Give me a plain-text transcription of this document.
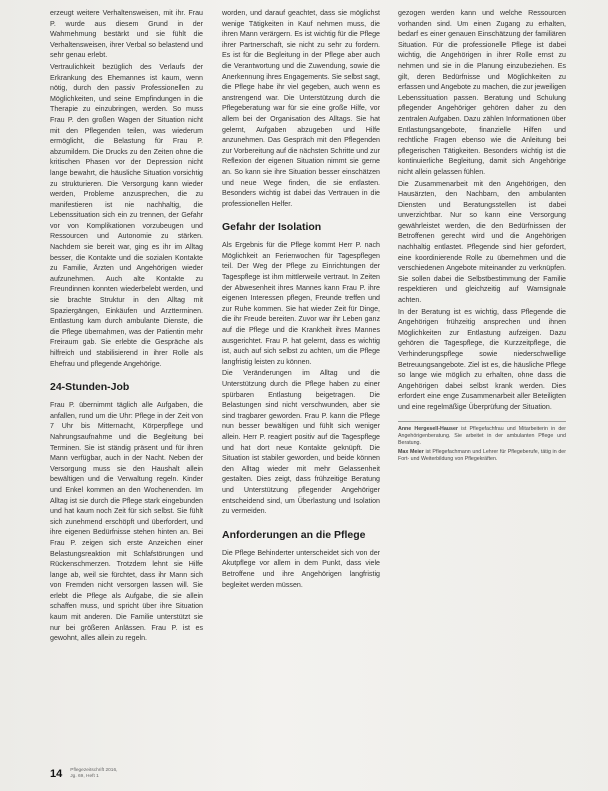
erzeugt weitere Verhaltensweisen, mit ihr. Frau P. wurde aus diesem Grund in der Wahrnehmung bestärkt und sie fühlt die Verhaltensweisen, ihrer Verbal so belastend und sehr genau erlebt.

Vertraulichkeit bezüglich des Verlaufs der Erkrankung des Ehemannes ist kaum, wenn nötig, durch den passiv Professionellen zu Möglichkeiten, und seine Empfindungen in die Therapie zu einzubringen, werden. So muss Frau P. den großen Wagen der Situation nicht mit den Pflegenden teilen, was wiederum ermöglicht, die Belastung für Frau P. abzumildern. Die Drucks zu den Zeiten ohne die kritischen Phasen vor der Depression nicht lange bewahrt, die häusliche Situation vorsichtig zu strukturieren. Die Versorgung kann wieder werden, Probleme anzusprechen, die zu manifestieren ist nie nachhaltig, die Lebenssituation sich ein zu trennen, der Gefahr vor von Komplikationen vorzubeugen und Ressourcen und Autonomie zu stärken. Nachdem sie bereit war, ging es ihr im Alltag besser, die Kontakte und die sozialen Kontakte zu Familie, Ärzten und Angehörigen wieder aufzunehmen. Auch alte Kontakte zu Freundinnen konnten wiederbelebt werden, und sie brachte Struktur in den Alltag mit Spaziergängen, Einkäufen und Arztterminen. Entlastung kam durch ambulante Dienste, die die Pflege übernahmen, was der Patientin mehr Freiraum gab. Sie erlebte die Gespräche als hilfreich und stabilisierend in ihrer Rolle als Ehefrau und pflegende Angehörige.

24-Stunden-Job

Frau P. übernimmt täglich alle Aufgaben, die anfallen, rund um die Uhr: Pflege in der Zeit von 7 Uhr bis Mitternacht, Körperpflege und Nahrungsaufnahme und die Begleitung bei Terminen. Sie ist ständig präsent und für ihren Mann verfügbar, auch in der Nacht. Neben der Versorgung muss sie den Haushalt allein bewältigen und die Verwaltung regeln. Kinder und Enkel kommen an den Wochenenden. Im Alltag ist sie durch die Pflege stark eingebunden und hat kaum noch Zeit für sich selbst. Sie fühlt sich zunehmend erschöpft und überfordert, und ihre eigenen Bedürfnisse stehen hinten an. Bei Frau P. zeigen sich erste Anzeichen einer Belastungsreaktion mit Schlafstörungen und Rückenschmerzen. Trotzdem lehnt sie Hilfe lange ab, weil sie fürchtet, dass ihr Mann sich von Fremden nicht versorgen lassen will. Sie erlebt die Pflege als Aufgabe, die sie allein schaffen muss, und spricht über ihre Situation kaum mit anderen. Die Familie unterstützt sie nur bei größeren Anlässen. Frau P. ist es gewohnt, alles allein zu regeln.

worden, und darauf geachtet, dass sie möglichst wenige Tätigkeiten in Kauf nehmen muss, die ihren Mann verärgern. Es ist wichtig für die Pflege ihrer Partnerschaft, sie nicht zu sehr zu fordern. Es ist für die Begleitung in der Pflege aber auch die Verantwortung und die Zuwendung, sowie die Anerkennung ihres Engagements. Sie selbst sagt, die Pflege habe ihr viel gegeben, auch wenn es anstrengend war. Die Unterstützung durch die Pflegeberatung war für sie eine große Hilfe, vor allem bei der Organisation des Alltags. Sie hat gelernt, Aufgaben abzugeben und Hilfe anzunehmen. Das Gespräch mit den Pflegenden zur Vorbereitung auf die nächsten Schritte und zur Reflexion der eigenen Situation nimmt sie gerne an. So kann sie ihre Situation besser einschätzen und neue Wege finden, die sie entlasten. Besonders wichtig ist dabei das Vertrauen in die professionellen Helfer.

Gefahr der Isolation

Als Ergebnis für die Pflege kommt Herr P. nach Möglichkeit an Ferienwochen für Tagespflegen teil. Der Weg der Pflege zu Einrichtungen der Tagespflege ist ihm mittlerweile vertraut. In Zeiten der Abwesenheit ihres Mannes kann Frau P. ihre eigenen Interessen pflegen, Freunde treffen und zur Ruhe kommen. Sie hat wieder Zeit für Dinge, die ihr Freude bereiten. Zuvor war ihr Leben ganz auf die Pflege und die Krankheit ihres Mannes ausgerichtet. Frau P. hat gelernt, dass es wichtig ist, auch auf sich selbst zu achten, um die Pflege langfristig leisten zu können.

Die Veränderungen im Alltag und die Unterstützung durch die Pflege haben zu einer spürbaren Entlastung beigetragen. Die Belastungen sind nicht verschwunden, aber sie sind tragbarer geworden. Frau P. kann die Pflege nun besser bewältigen und fühlt sich weniger allein. Herr P. reagiert positiv auf die Tagespflege und hat dort neue Kontakte geknüpft. Die Situation ist stabiler geworden, und beide können den Alltag wieder mit mehr Gelassenheit gestalten. Dies zeigt, dass frühzeitige Beratung und Unterstützung pflegender Angehöriger entscheidend sind, um Überlastung und Isolation zu vermeiden.

Anforderungen an die Pflege

Die Pflege Behinderter unterscheidet sich von der Akutpflege vor allem in dem Punkt, dass viele Betroffene und ihre Angehörigen langfristig begleitet werden müssen.

gezogen werden kann und welche Ressourcen vorhanden sind. Um einen Zugang zu erhalten, bedarf es einer genauen Einschätzung der familiären Situation. Für die professionelle Pflege ist dabei wichtig, die Angehörigen in ihrer Rolle ernst zu nehmen und sie in die Planung einzubeziehen. Es gilt, deren Bedürfnisse und Möglichkeiten zu erfassen und Angebote zu machen, die zur jeweiligen Lebenssituation passen. Beratung und Schulung pflegender Angehöriger gehören daher zu den zentralen Aufgaben. Dazu zählen Informationen über Entlastungsangebote, finanzielle Hilfen und rechtliche Fragen ebenso wie die Anleitung bei pflegerischen Tätigkeiten. Besonders wichtig ist die kontinuierliche Begleitung, damit sich Angehörige nicht allein gelassen fühlen.

Die Zusammenarbeit mit den Angehörigen, den Hausärzten, den Nachbarn, den ambulanten Diensten und Beratungsstellen ist dabei unverzichtbar. Nur so kann eine Versorgung gewährleistet werden, die den Bedürfnissen der Betroffenen gerecht wird und die Angehörigen nachhaltig entlastet. Pflegende sind hier gefordert, eine koordinierende Rolle zu übernehmen und die verschiedenen Angebote miteinander zu verknüpfen. Sie sollen dabei die Selbstbestimmung der Familie respektieren und gleichzeitig auf Warnsignale achten.

In der Beratung ist es wichtig, dass Pflegende die Angehörigen frühzeitig ansprechen und ihnen Möglichkeiten zur Entlastung aufzeigen. Dazu gehören die Tagespflege, die Kurzzeitpflege, die Verhinderungspflege sowie niederschwellige Betreuungsangebote. Ziel ist es, die häusliche Pflege so lange wie möglich zu erhalten, ohne dass die Angehörigen dabei selbst krank werden. Dies erfordert eine enge Zusammenarbeit aller Beteiligten und eine regelmäßige Überprüfung der Situation.

Anne Hergesell-Hauser ist Pflegefachfrau und Mitarbeiterin in der Angehörigenberatung. Sie arbeitet in der ambulanten Pflege und Beratung.

Max Meier ist Pflegefachmann und Lehrer für Pflegeberufe, tätig in der Fort- und Weiterbildung von Pflegekräften.

14 Pflegezeitschrift 2016,
Jg. 69, Heft 1
